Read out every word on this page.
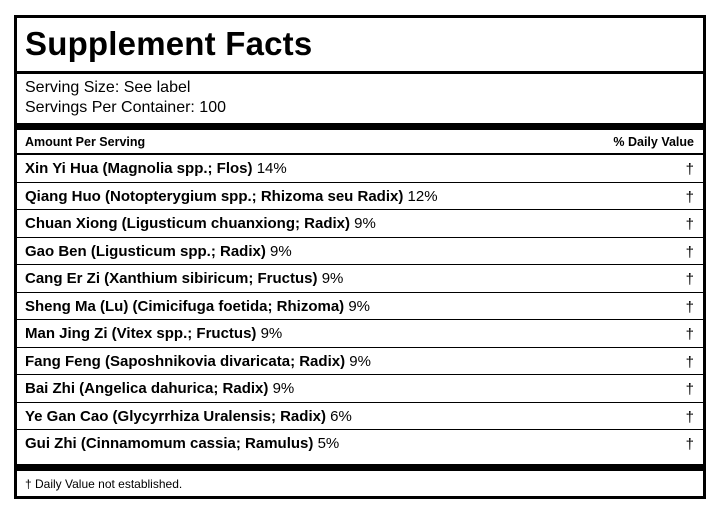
Supplement Facts
Serving Size: See label
Servings Per Container: 100
Amount Per Serving	% Daily Value
Xin Yi Hua (Magnolia spp.; Flos) 14%	†
Qiang Huo (Notopterygium spp.; Rhizoma seu Radix) 12%	†
Chuan Xiong (Ligusticum chuanxiong; Radix) 9%	†
Gao Ben (Ligusticum spp.; Radix) 9%	†
Cang Er Zi (Xanthium sibiricum; Fructus) 9%	†
Sheng Ma (Lu) (Cimicifuga foetida; Rhizoma) 9%	†
Man Jing Zi (Vitex spp.; Fructus) 9%	†
Fang Feng (Saposhnikovia divaricata; Radix) 9%	†
Bai Zhi (Angelica dahurica; Radix) 9%	†
Ye Gan Cao (Glycyrrhiza Uralensis; Radix) 6%	†
Gui Zhi (Cinnamomum cassia; Ramulus) 5%	†
† Daily Value not established.
